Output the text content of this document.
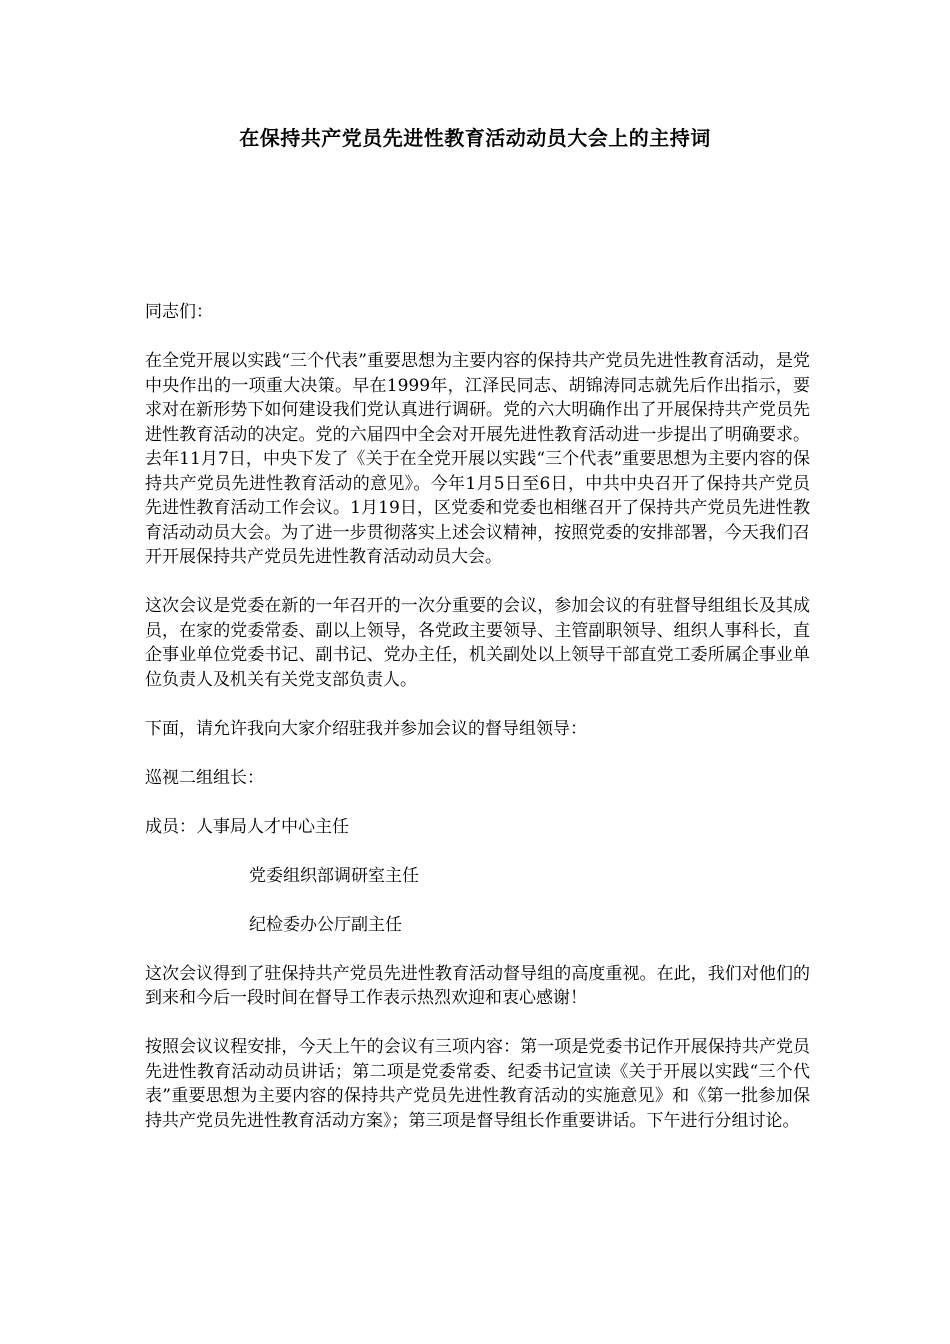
在保持共产党员先进性教育活动动员大会上的主持词

同志们：

在全党开展以实践“三个代表”重要思想为主要内容的保持共产党员先进性教育活动，是党中央作出的一项重大决策。早在1999年，江泽民同志、胡锦涛同志就先后作出指示，要求对在新形势下如何建设我们党认真进行调研。党的六大明确作出了开展保持共产党员先进性教育活动的决定。党的六届四中全会对开展先进性教育活动进一步提出了明确要求。去年11月7日，中央下发了《关于在全党开展以实践“三个代表”重要思想为主要内容的保持共产党员先进性教育活动的意见》。今年1月5日至6日，中共中央召开了保持共产党员先进性教育活动工作会议。1月19日，区党委和党委也相继召开了保持共产党员先进性教育活动动员大会。为了进一步贯彻落实上述会议精神，按照党委的安排部署，今天我们召开开展保持共产党员先进性教育活动动员大会。

这次会议是党委在新的一年召开的一次分重要的会议，参加会议的有驻督导组组长及其成员，在家的党委常委、副以上领导，各党政主要领导、主管副职领导、组织人事科长，直企事业单位党委书记、副书记、党办主任，机关副处以上领导干部直党工委所属企事业单位负责人及机关有关党支部负责人。

下面，请允许我向大家介绍驻我并参加会议的督导组领导：

巡视二组组长：

成员：人事局人才中心主任

党委组织部调研室主任

纪检委办公厅副主任

这次会议得到了驻保持共产党员先进性教育活动督导组的高度重视。在此，我们对他们的到来和今后一段时间在督导工作表示热烈欢迎和衷心感谢！

按照会议议程安排，今天上午的会议有三项内容：第一项是党委书记作开展保持共产党员先进性教育活动动员讲话；第二项是党委常委、纪委书记宣读《关于开展以实践“三个代表”重要思想为主要内容的保持共产党员先进性教育活动的实施意见》和《第一批参加保持共产党员先进性教育活动方案》；第三项是督导组长作重要讲话。下午进行分组讨论。
